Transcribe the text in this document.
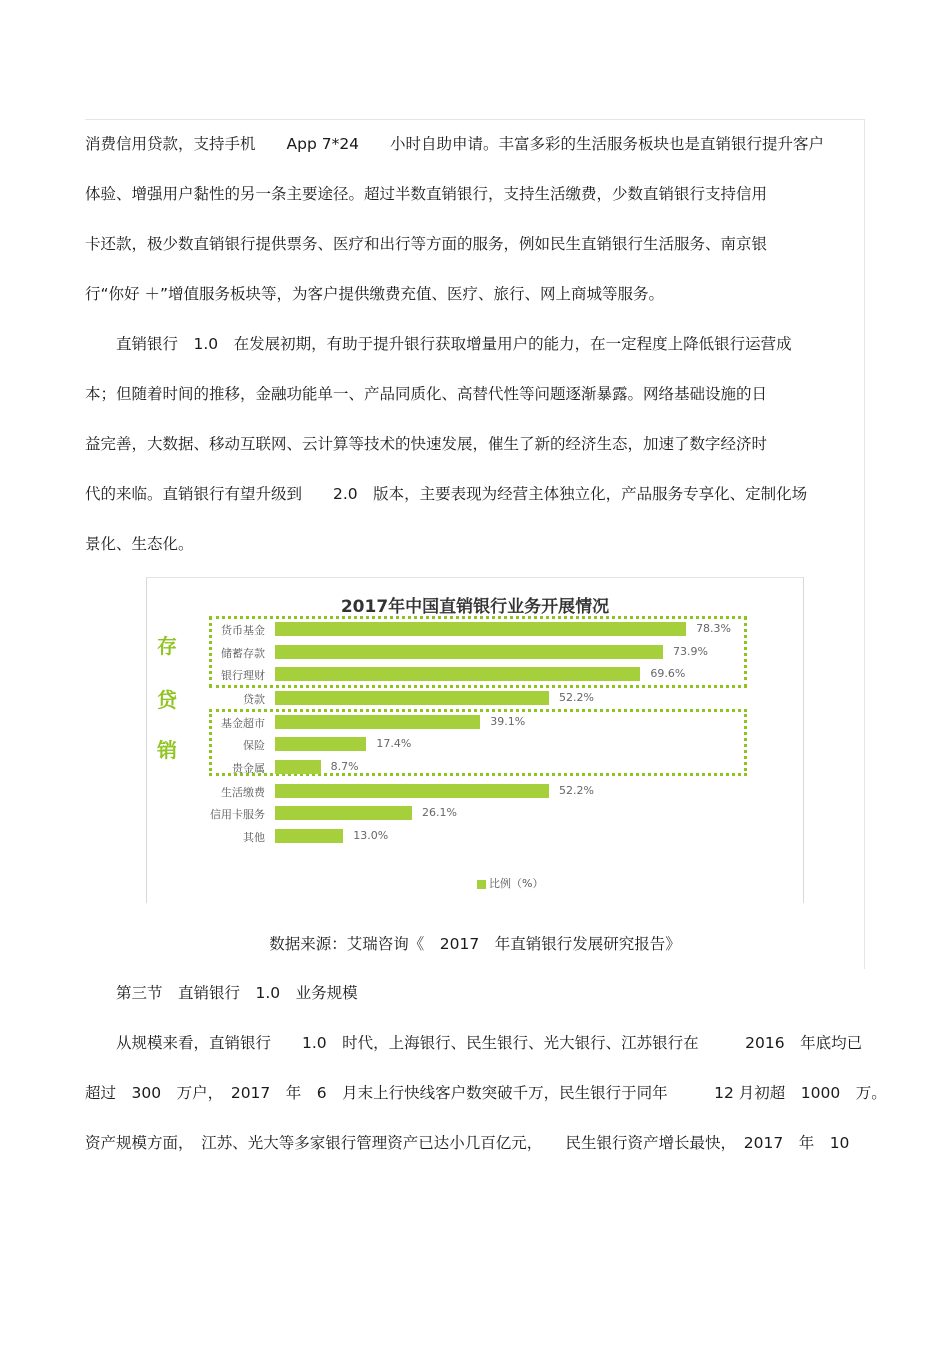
消费信用贷款，支持手机　　App 7*24　　小时自助申请。丰富多彩的生活服务板块也是直销银行提升客户
体验、增强用户黏性的另一条主要途径。超过半数直销银行，支持生活缴费，少数直销银行支持信用
卡还款，极少数直销银行提供票务、医疗和出行等方面的服务，例如民生直销银行生活服务、南京银
行“你好 ＋”增值服务板块等，为客户提供缴费充值、医疗、旅行、网上商城等服务。
　　直销银行　1.0　在发展初期，有助于提升银行获取增量用户的能力，在一定程度上降低银行运营成
本；但随着时间的推移，金融功能单一、产品同质化、高替代性等问题逐渐暴露。网络基础设施的日
益完善，大数据、移动互联网、云计算等技术的快速发展，催生了新的经济生态，加速了数字经济时
代的来临。直销银行有望升级到　　2.0　版本，主要表现为经营主体独立化，产品服务专享化、定制化场
景化、生态化。
2017年中国直销银行业务开展情况
存
贷
销
货币基金	78.3%
储蓄存款	73.9%
银行理财	69.6%
贷款	52.2%
基金超市	39.1%
保险	17.4%
贵金属	8.7%
生活缴费	52.2%
信用卡服务	26.1%
其他	13.0%
比例（%）
数据来源：艾瑞咨询《　2017　年直销银行发展研究报告》
　　第三节　直销银行　1.0　业务规模
　　从规模来看，直销银行　　1.0　时代，上海银行、民生银行、光大银行、江苏银行在　　　2016　年底均已
超过　300　万户，　2017　年　6　月末上行快线客户数突破千万，民生银行于同年　　　12 月初超　1000　万。
资产规模方面，　江苏、光大等多家银行管理资产已达小几百亿元，　　民生银行资产增长最快，　2017　年　10
